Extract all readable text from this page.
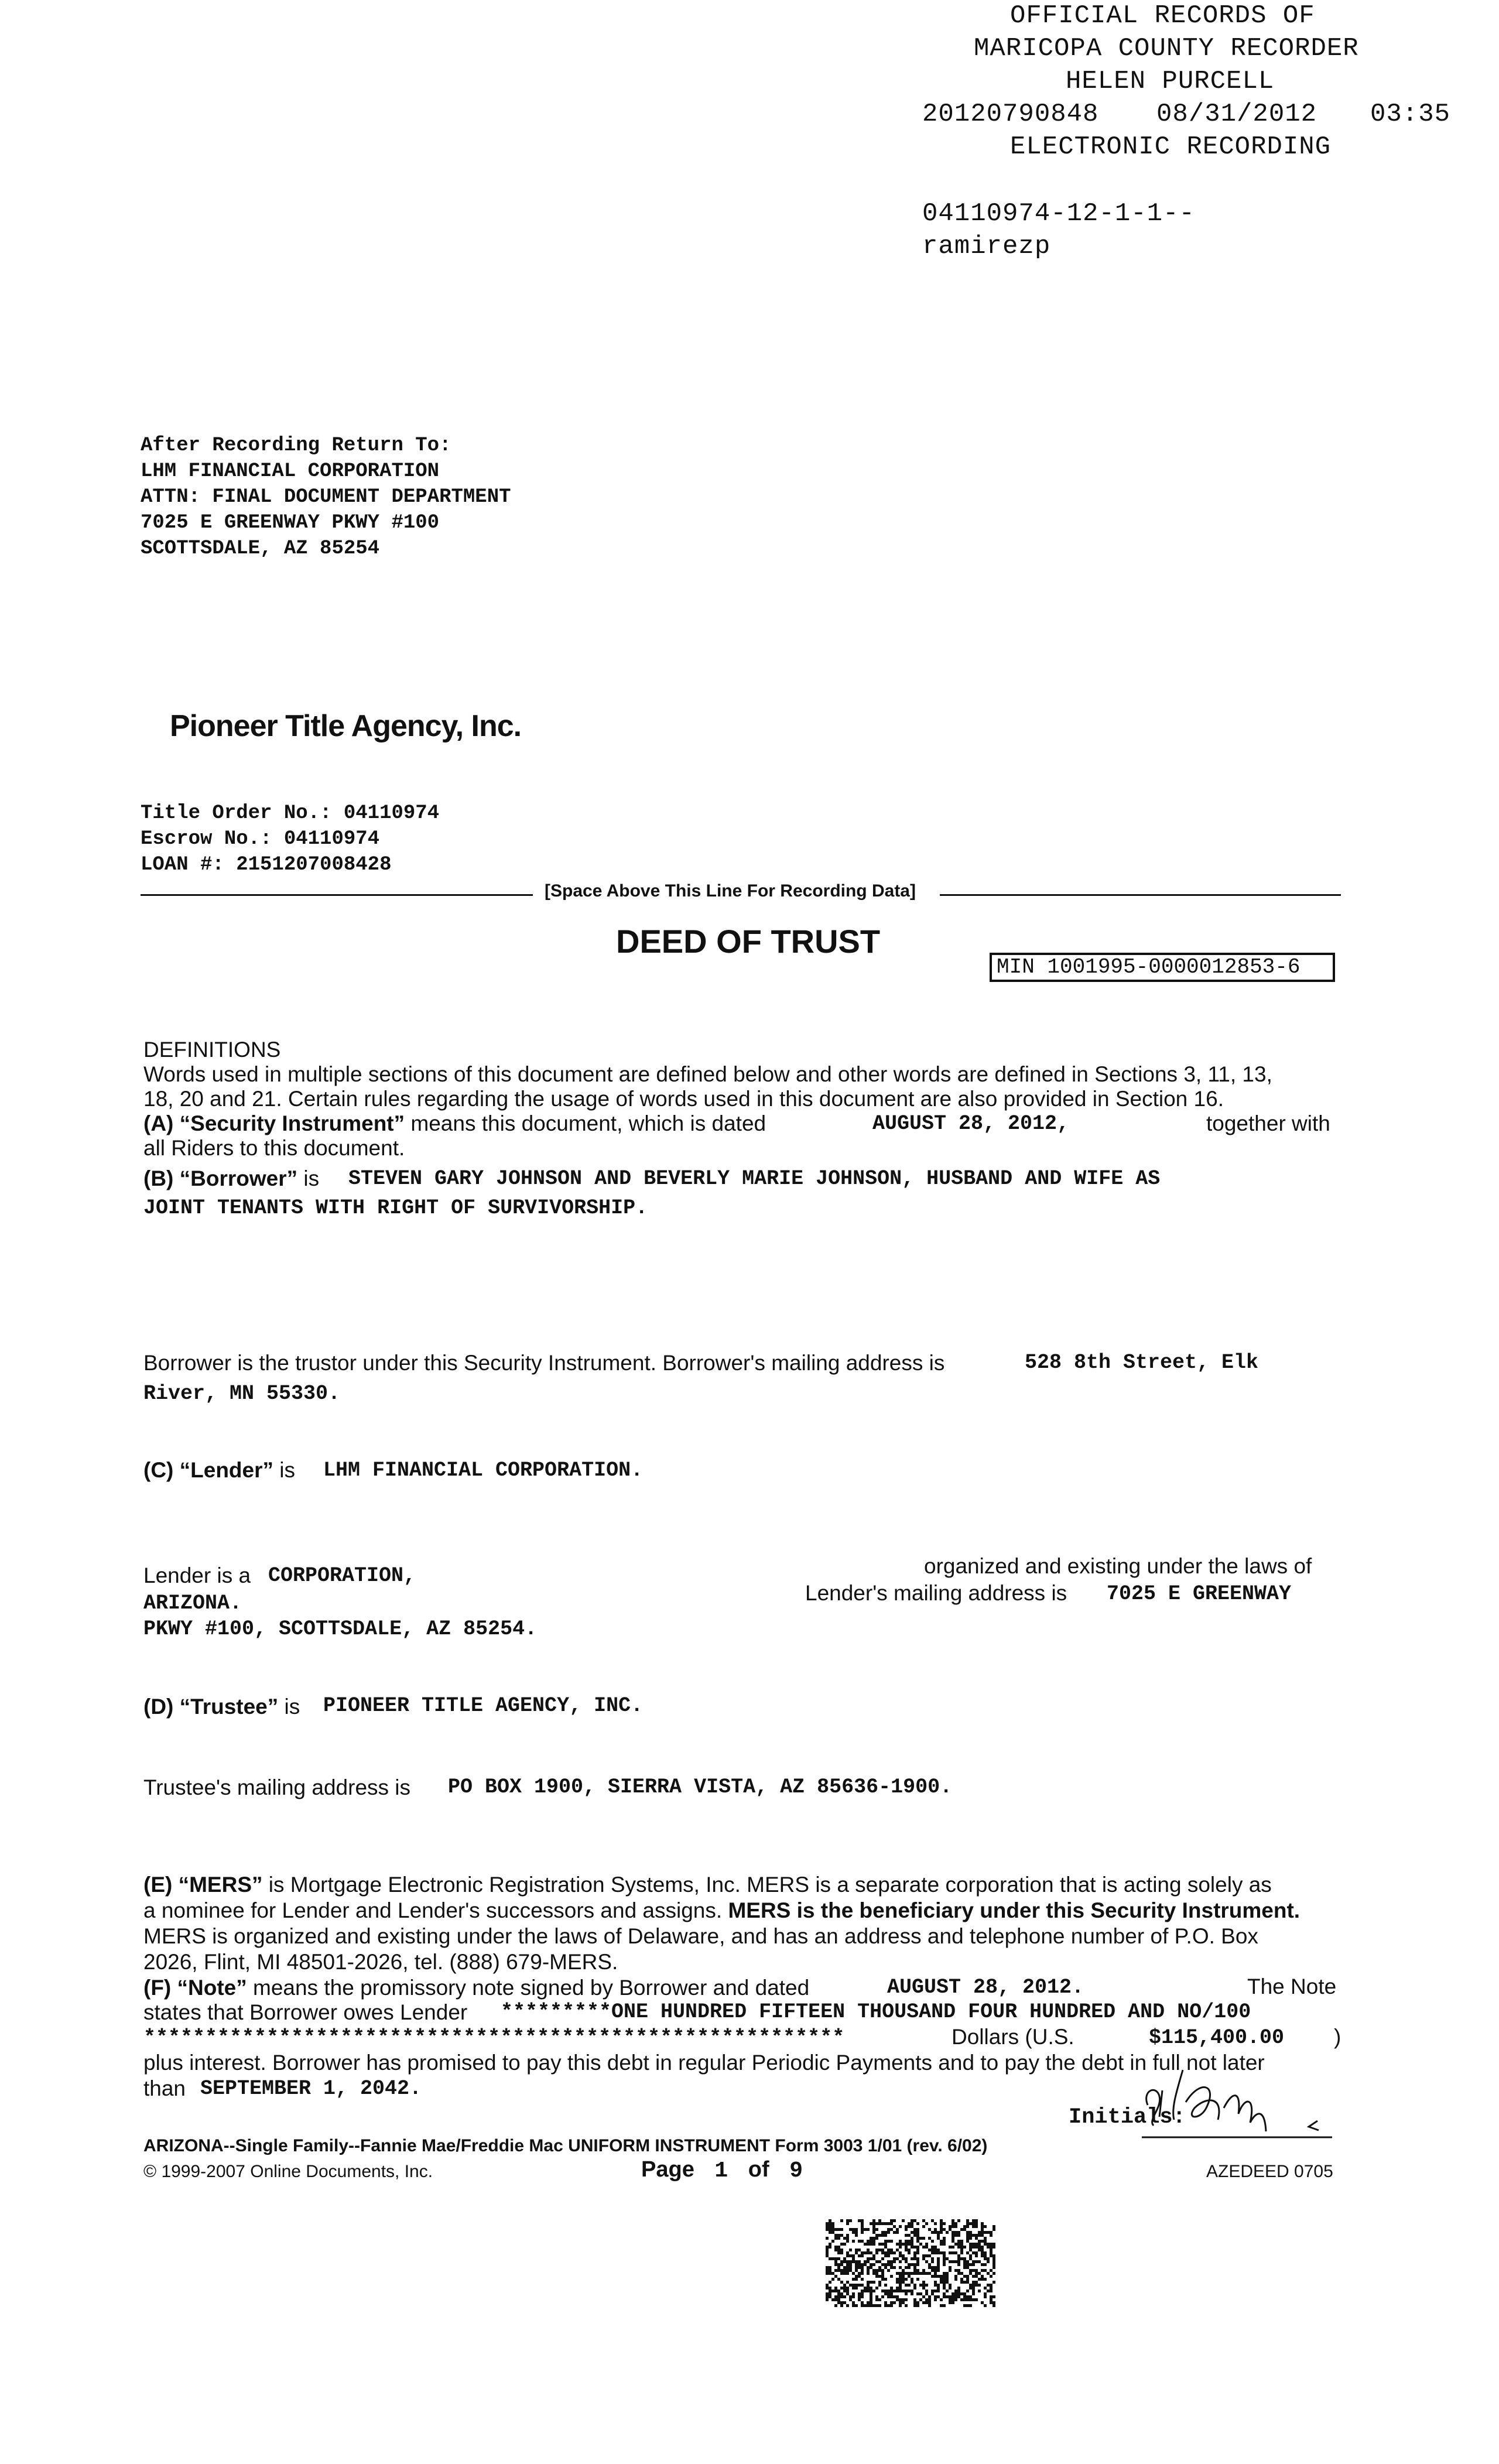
OFFICIAL RECORDS OF
MARICOPA COUNTY RECORDER
HELEN PURCELL
20120790848 08/31/2012 03:35
ELECTRONIC RECORDING
04110974-12-1-1--
ramirezp
After Recording Return To:
LHM FINANCIAL CORPORATION
ATTN: FINAL DOCUMENT DEPARTMENT
7025 E GREENWAY PKWY #100
SCOTTSDALE, AZ 85254
Pioneer Title Agency, Inc.
Title Order No.: 04110974
Escrow No.: 04110974
LOAN #: 2151207008428
[Space Above This Line For Recording Data]
DEED OF TRUST
MIN 1001995-0000012853-6
DEFINITIONS
Words used in multiple sections of this document are defined below and other words are defined in Sections 3, 11, 13,
18, 20 and 21. Certain rules regarding the usage of words used in this document are also provided in Section 16.
(A) “Security Instrument” means this document, which is dated	AUGUST 28, 2012,	together with
all Riders to this document.
(B) “Borrower” is STEVEN GARY JOHNSON AND BEVERLY MARIE JOHNSON, HUSBAND AND WIFE AS
JOINT TENANTS WITH RIGHT OF SURVIVORSHIP.
Borrower is the trustor under this Security Instrument. Borrower's mailing address is	528 8th Street, Elk
River, MN 55330.
(C) “Lender” is LHM FINANCIAL CORPORATION.
Lender is a CORPORATION,	organized and existing under the laws of
ARIZONA.	Lender's mailing address is 7025 E GREENWAY
PKWY #100, SCOTTSDALE, AZ 85254.
(D) “Trustee” is PIONEER TITLE AGENCY, INC.
Trustee's mailing address is PO BOX 1900, SIERRA VISTA, AZ 85636-1900.
(E) “MERS” is Mortgage Electronic Registration Systems, Inc. MERS is a separate corporation that is acting solely as
a nominee for Lender and Lender's successors and assigns. MERS is the beneficiary under this Security Instrument.
MERS is organized and existing under the laws of Delaware, and has an address and telephone number of P.O. Box
2026, Flint, MI 48501-2026, tel. (888) 679-MERS.
(F) “Note” means the promissory note signed by Borrower and dated	AUGUST 28, 2012.	The Note
states that Borrower owes Lender *********ONE HUNDRED FIFTEEN THOUSAND FOUR HUNDRED AND NO/100
*********************************************************	Dollars (U.S.	$115,400.00 )
plus interest. Borrower has promised to pay this debt in regular Periodic Payments and to pay the debt in full not later
than SEPTEMBER 1, 2042.
Initials:
ARIZONA--Single Family--Fannie Mae/Freddie Mac UNIFORM INSTRUMENT Form 3003 1/01 (rev. 6/02)
© 1999-2007 Online Documents, Inc.	Page 1 of 9	AZEDEED 0705
